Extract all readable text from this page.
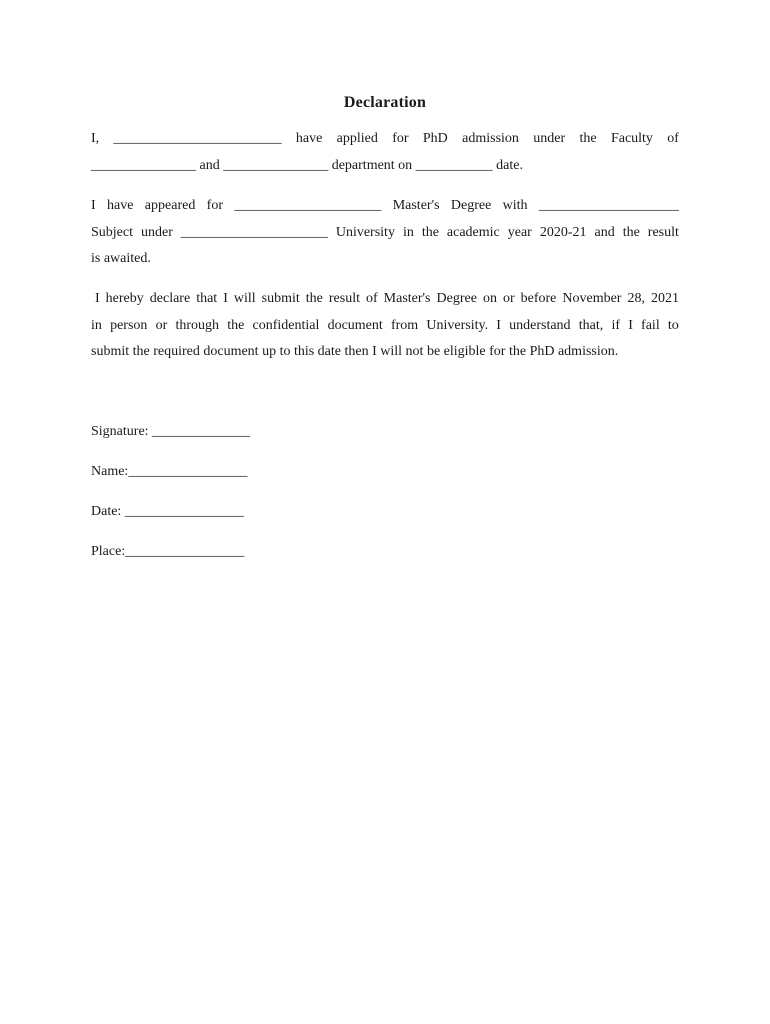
Declaration
I, ________________________ have applied for PhD admission under the Faculty of
_______________ and _______________ department on ___________ date.
I have appeared for _____________________ Master's Degree with ____________________
Subject under _____________________ University in the academic year 2020-21 and the result
is awaited.
I hereby declare that I will submit the result of Master's Degree on or before November 28, 2021
in person or through the confidential document from University. I understand that, if I fail to
submit the required document up to this date then I will not be eligible for the PhD admission.
Signature: ______________
Name:_________________
Date: _________________
Place:_________________
